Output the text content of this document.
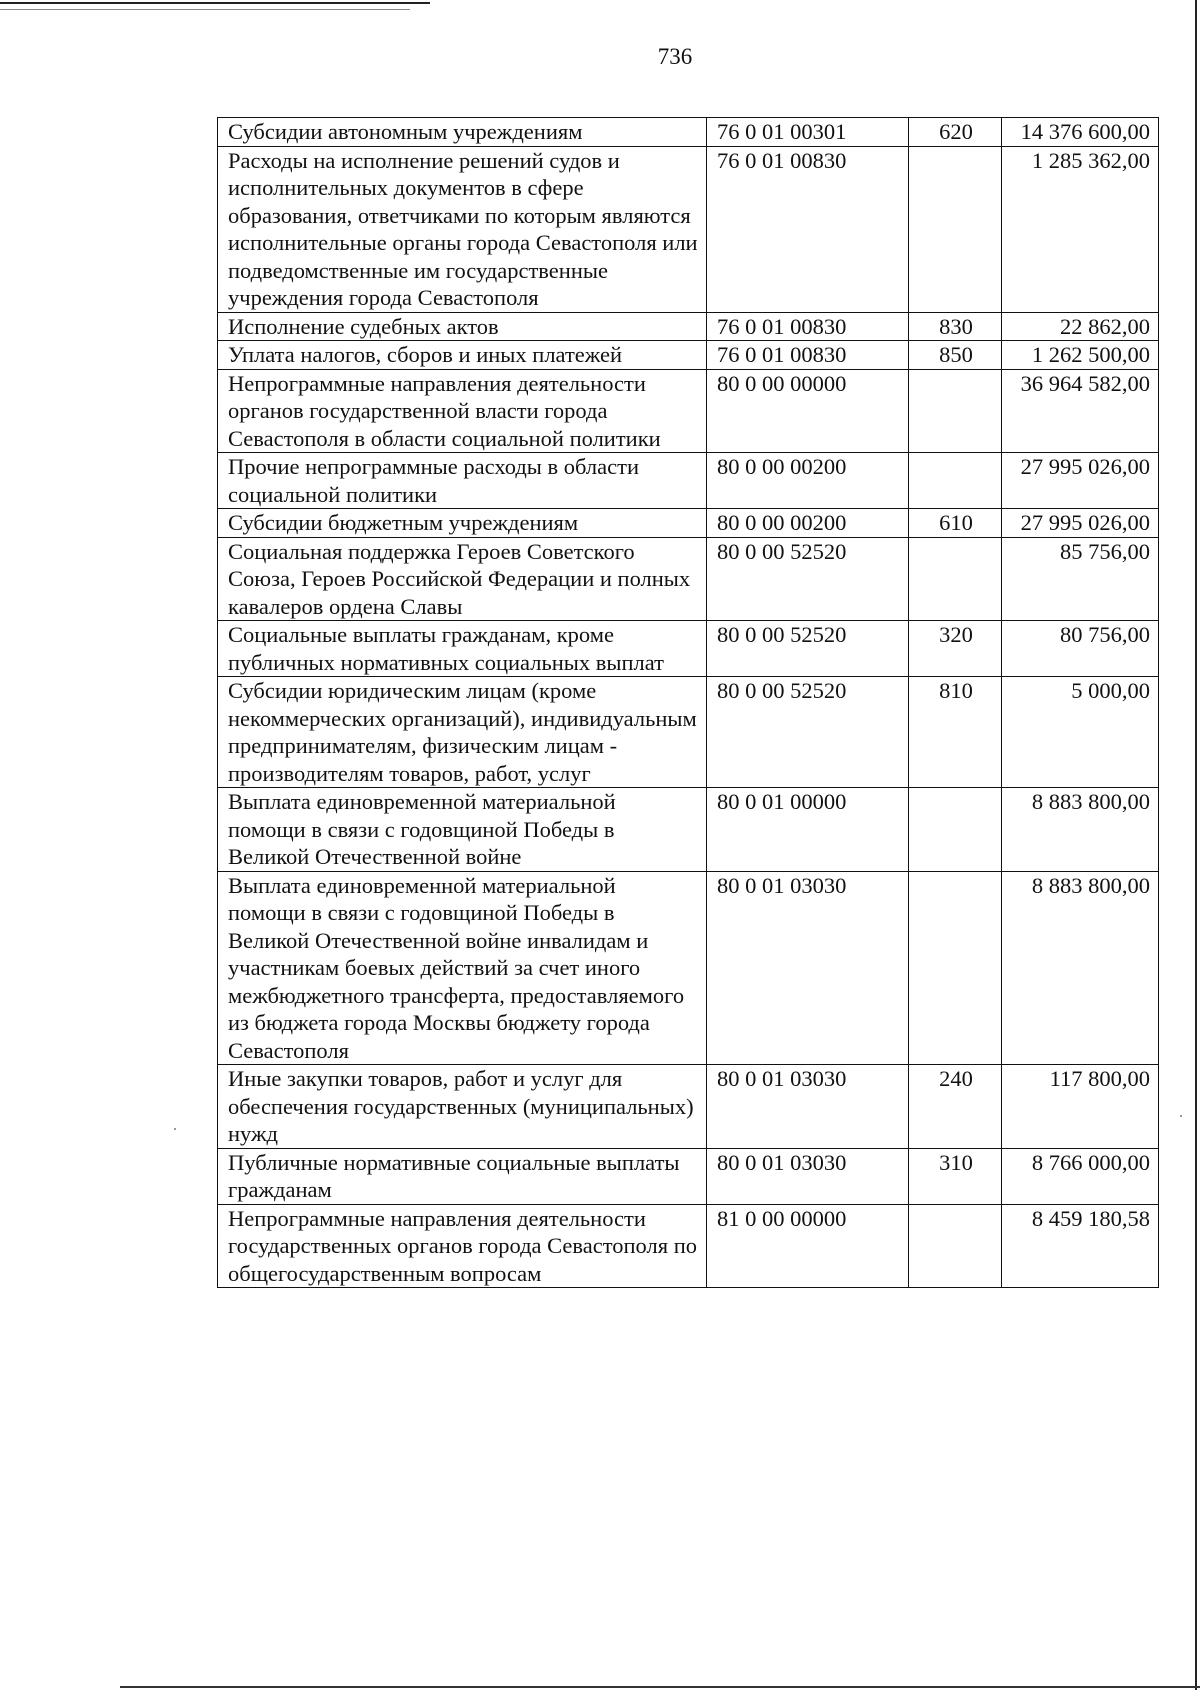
736
Субсидии автономным учреждениям	76 0 01 00301	620	14 376 600,00
Расходы на исполнение решений судов и исполнительных документов в сфере образования, ответчиками по которым являются исполнительные органы города Севастополя или подведомственные им государственные учреждения города Севастополя	76 0 01 00830		1 285 362,00
Исполнение судебных актов	76 0 01 00830	830	22 862,00
Уплата налогов, сборов и иных платежей	76 0 01 00830	850	1 262 500,00
Непрограммные направления деятельности органов государственной власти города Севастополя в области социальной политики	80 0 00 00000		36 964 582,00
Прочие непрограммные расходы в области социальной политики	80 0 00 00200		27 995 026,00
Субсидии бюджетным учреждениям	80 0 00 00200	610	27 995 026,00
Социальная поддержка Героев Советского Союза, Героев Российской Федерации и полных кавалеров ордена Славы	80 0 00 52520		85 756,00
Социальные выплаты гражданам, кроме публичных нормативных социальных выплат	80 0 00 52520	320	80 756,00
Субсидии юридическим лицам (кроме некоммерческих организаций), индивидуальным предпринимателям, физическим лицам - производителям товаров, работ, услуг	80 0 00 52520	810	5 000,00
Выплата единовременной материальной помощи в связи с годовщиной Победы в Великой Отечественной войне	80 0 01 00000		8 883 800,00
Выплата единовременной материальной помощи в связи с годовщиной Победы в Великой Отечественной войне инвалидам и участникам боевых действий за счет иного межбюджетного трансферта, предоставляемого из бюджета города Москвы бюджету города Севастополя	80 0 01 03030		8 883 800,00
Иные закупки товаров, работ и услуг для обеспечения государственных (муниципальных) нужд	80 0 01 03030	240	117 800,00
Публичные нормативные социальные выплаты гражданам	80 0 01 03030	310	8 766 000,00
Непрограммные направления деятельности государственных органов города Севастополя по общегосударственным вопросам	81 0 00 00000		8 459 180,58
